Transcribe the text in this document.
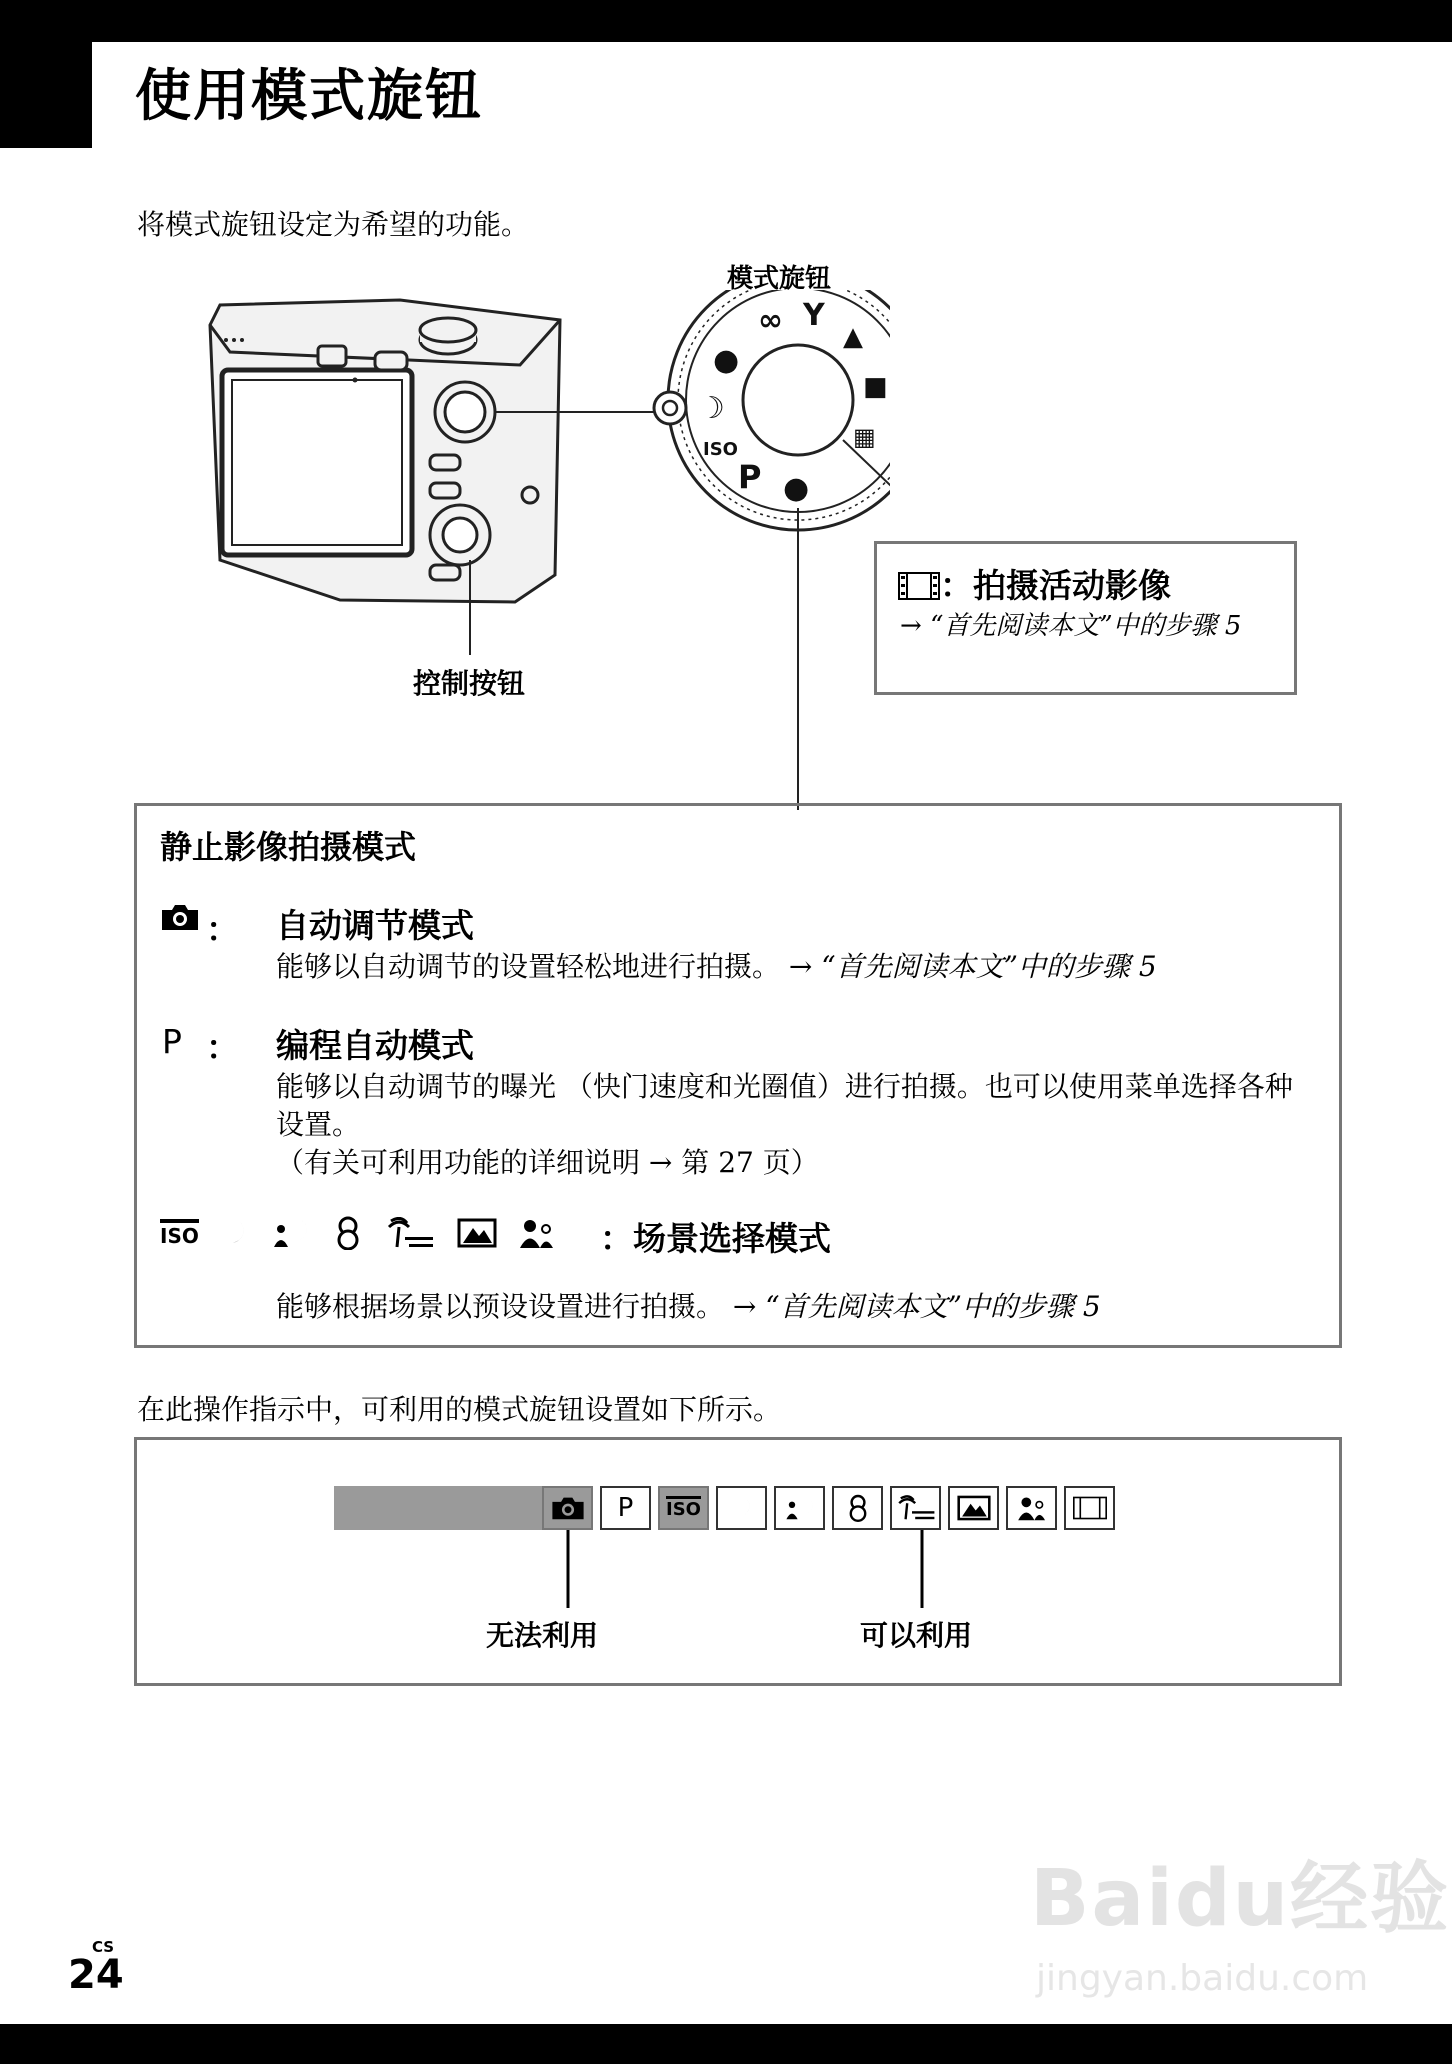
使用模式旋钮
将模式旋钮设定为希望的功能。
模式旋钮
●
P
ISO
☽
●
∞ Y
▲
■
▦
控制按钮
：拍摄活动影像
→ “首先阅读本文”中的步骤 5
静止影像拍摄模式
： 自动调节模式
能够以自动调节的设置轻松地进行拍摄。 → “首先阅读本文”中的步骤 5
P ： 编程自动模式
能够以自动调节的曝光 （快门速度和光圈值）进行拍摄。也可以使用菜单选择各种设置。
（有关可利用功能的详细说明 → 第 27 页）
ISO	：场景选择模式
能够根据场景以预设设置进行拍摄。 → “首先阅读本文”中的步骤 5
在此操作指示中，可利用的模式旋钮设置如下所示。
P ISO
无法利用	可以利用
CS
24
Baidu经验
jingyan.baidu.com
